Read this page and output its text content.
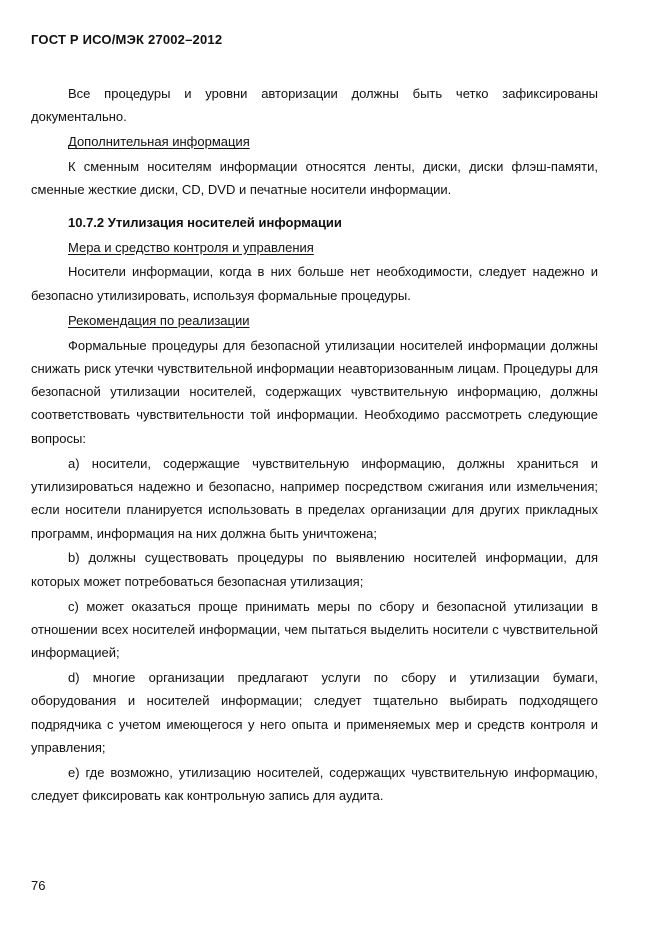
ГОСТ Р ИСО/МЭК 27002–2012

Все процедуры и уровни авторизации должны быть четко зафиксированы документально.

Дополнительная информация

К сменным носителям информации относятся ленты, диски, диски флэш-памяти, сменные жесткие диски, CD, DVD и печатные носители информации.

10.7.2 Утилизация носителей информации

Мера и средство контроля и управления

Носители информации, когда в них больше нет необходимости, следует надежно и безопасно утилизировать, используя формальные процедуры.

Рекомендация по реализации

Формальные процедуры для безопасной утилизации носителей информации должны снижать риск утечки чувствительной информации неавторизованным лицам. Процедуры для безопасной утилизации носителей, содержащих чувствительную информацию, должны соответствовать чувствительности той информации. Необходимо рассмотреть следующие вопросы:

a) носители, содержащие чувствительную информацию, должны храниться и утилизироваться надежно и безопасно, например посредством сжигания или измельчения; если носители планируется использовать в пределах организации для других прикладных программ, информация на них должна быть уничтожена;

b) должны существовать процедуры по выявлению носителей информации, для которых может потребоваться безопасная утилизация;

c) может оказаться проще принимать меры по сбору и безопасной утилизации в отношении всех носителей информации, чем пытаться выделить носители с чувствительной информацией;

d) многие организации предлагают услуги по сбору и утилизации бумаги, оборудования и носителей информации; следует тщательно выбирать подходящего подрядчика с учетом имеющегося у него опыта и применяемых мер и средств контроля и управления;

e) где возможно, утилизацию носителей, содержащих чувствительную информацию, следует фиксировать как контрольную запись для аудита.

76
